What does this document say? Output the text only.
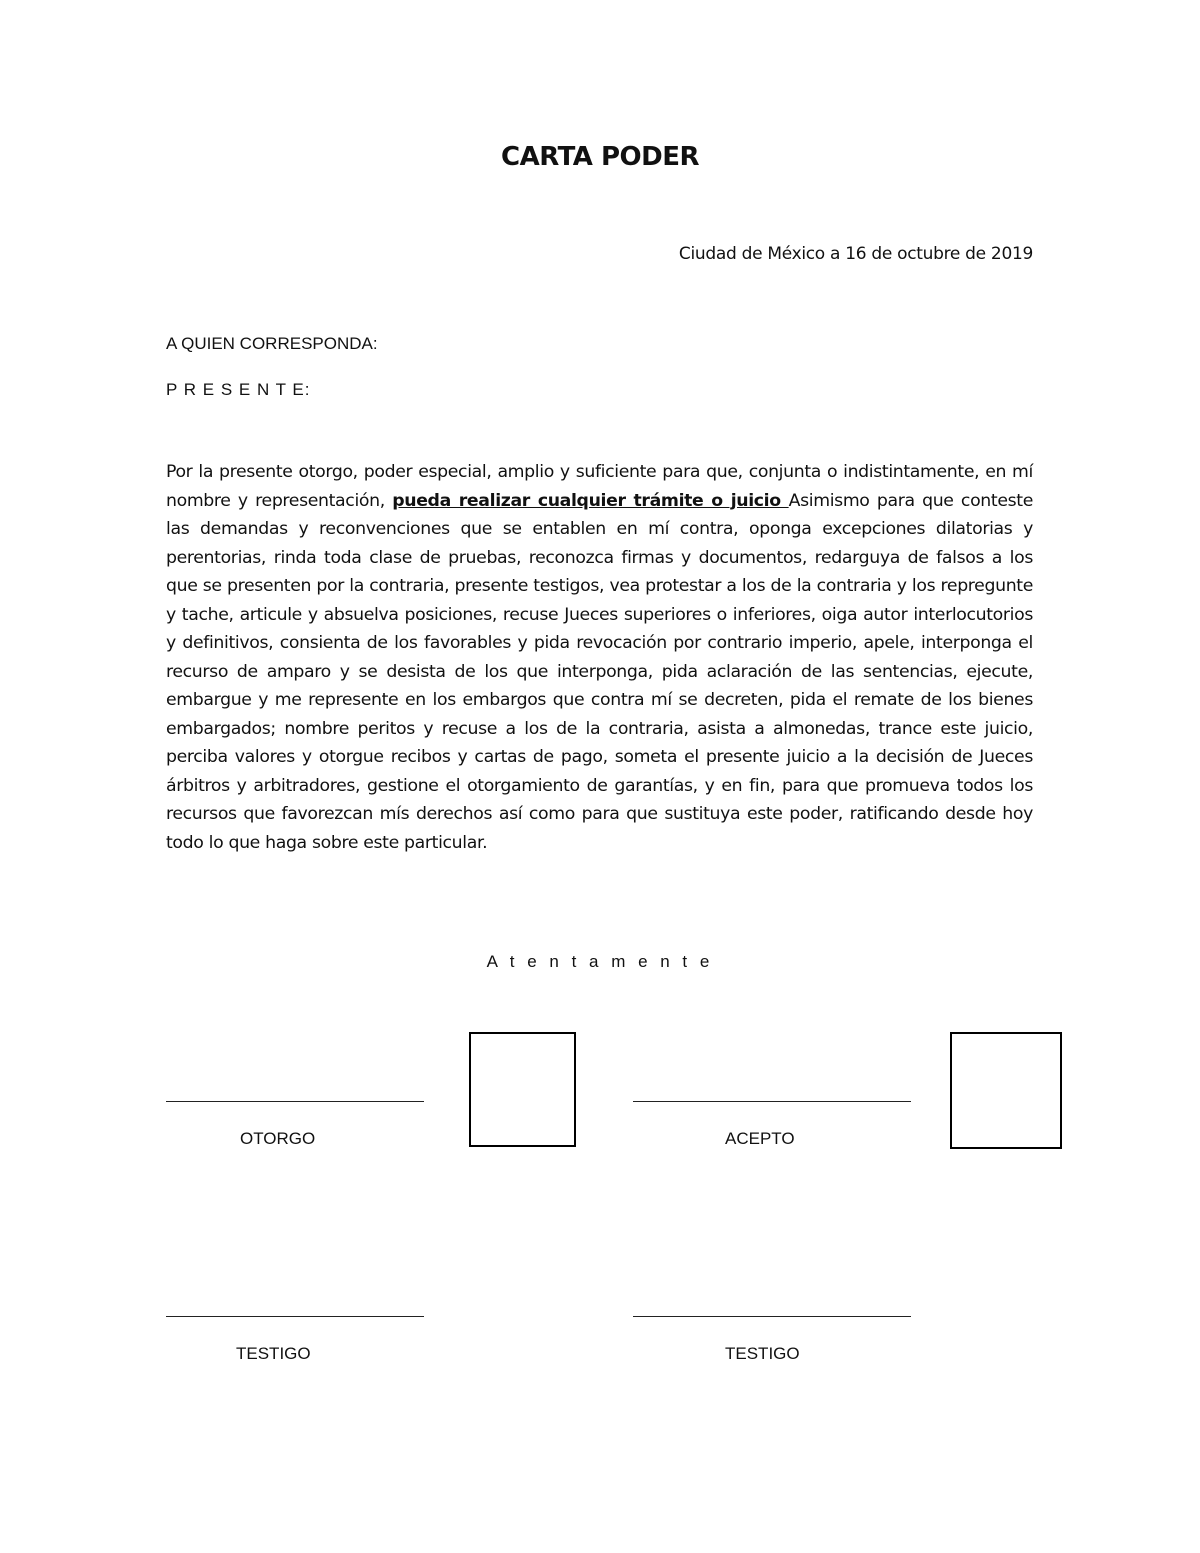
CARTA PODER
Ciudad de México a 16 de octubre de 2019
A QUIEN CORRESPONDA:
P R E S E N T E:

Por la presente otorgo, poder especial, amplio y suficiente para que, conjunta o indistintamente, en mí nombre y representación, pueda realizar cualquier trámite o juicio Asimismo para que conteste las demandas y reconvenciones que se entablen en mí contra, oponga excepciones dilatorias y perentorias, rinda toda clase de pruebas, reconozca firmas y documentos, redarguya de falsos a los que se presenten por la contraria, presente testigos, vea protestar a los de la contraria y los repregunte y tache, articule y absuelva posiciones, recuse Jueces superiores o inferiores, oiga autor interlocutorios y definitivos, consienta de los favorables y pida revocación por contrario imperio, apele, interponga el recurso de amparo y se desista de los que interponga, pida aclaración de las sentencias, ejecute, embargue y me represente en los embargos que contra mí se decreten, pida el remate de los bienes embargados; nombre peritos y recuse a los de la contraria, asista a almonedas, trance este juicio, perciba valores y otorgue recibos y cartas de pago, someta el presente juicio a la decisión de Jueces árbitros y arbitradores, gestione el otorgamiento de garantías, y en fin, para que promueva todos los recursos que favorezcan mís derechos así como para que sustituya este poder, ratificando desde hoy todo lo que haga sobre este particular.

A t e n t a m e n t e
OTORGO	ACEPTO
TESTIGO	TESTIGO
